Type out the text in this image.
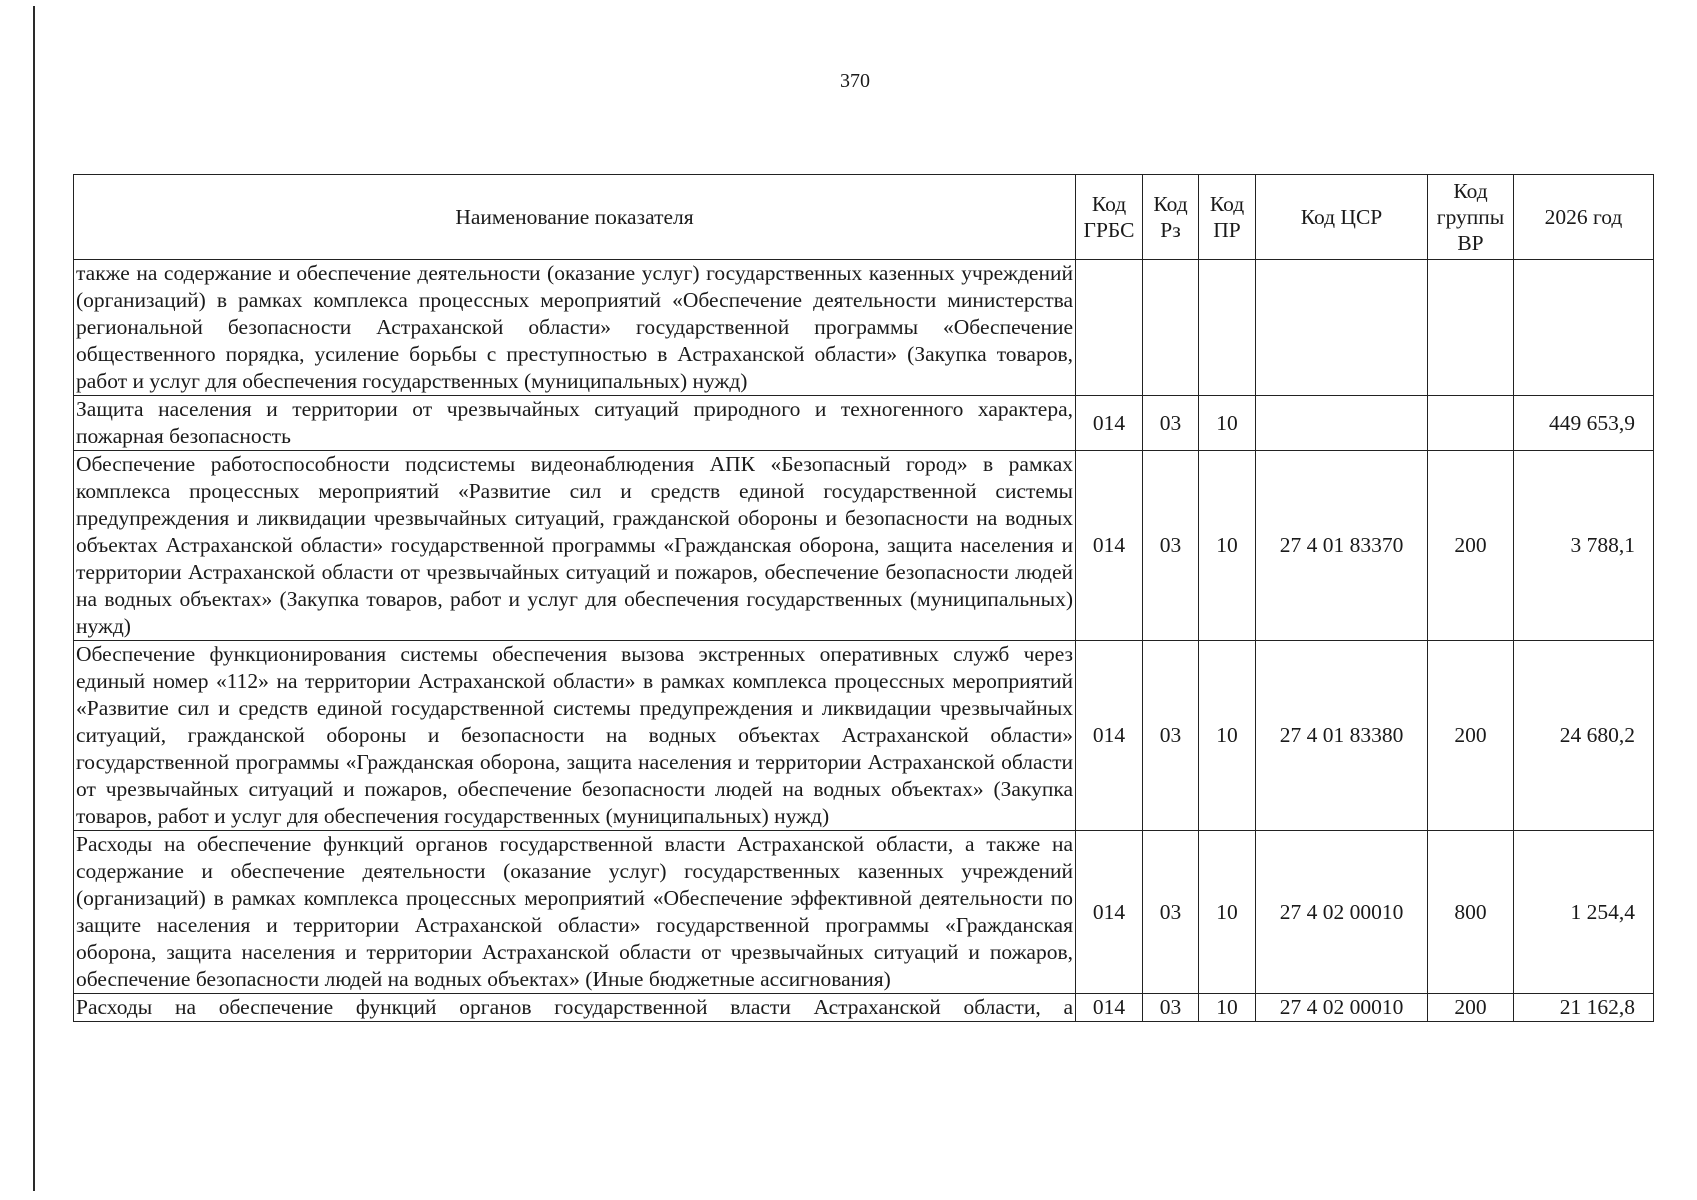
370
Наименование показателя	Код ГРБС	Код Рз	Код ПР	Код ЦСР	Код группы ВР	2026 год
также на содержание и обеспечение деятельности (оказание услуг) государственных казенных учреждений (организаций) в рамках комплекса процессных мероприятий «Обеспечение деятельности министерства региональной безопасности Астраханской области» государственной программы «Обеспечение общественного порядка, усиление борьбы с преступностью в Астраханской области» (Закупка товаров, работ и услуг для обеспечения государственных (муниципальных) нужд)						
Защита населения и территории от чрезвычайных ситуаций природного и техногенного характера, пожарная безопасность	014	03	10			449 653,9
Обеспечение работоспособности подсистемы видеонаблюдения АПК «Безопасный город» в рамках комплекса процессных мероприятий «Развитие сил и средств единой государственной системы предупреждения и ликвидации чрезвычайных ситуаций, гражданской обороны и безопасности на водных объектах Астраханской области» государственной программы «Гражданская оборона, защита населения и территории Астраханской области от чрезвычайных ситуаций и пожаров, обеспечение безопасности людей на водных объектах» (Закупка товаров, работ и услуг для обеспечения государственных (муниципальных) нужд)	014	03	10	27 4 01 83370	200	3 788,1
Обеспечение функционирования системы обеспечения вызова экстренных оперативных служб через единый номер «112» на территории Астраханской области» в рамках комплекса процессных мероприятий «Развитие сил и средств единой государственной системы предупреждения и ликвидации чрезвычайных ситуаций, гражданской обороны и безопасности на водных объектах Астраханской области» государственной программы «Гражданская оборона, защита населения и территории Астраханской области от чрезвычайных ситуаций и пожаров, обеспечение безопасности людей на водных объектах» (Закупка товаров, работ и услуг для обеспечения государственных (муниципальных) нужд)	014	03	10	27 4 01 83380	200	24 680,2
Расходы на обеспечение функций органов государственной власти Астраханской области, а также на содержание и обеспечение деятельности (оказание услуг) государственных казенных учреждений (организаций) в рамках комплекса процессных мероприятий «Обеспечение эффективной деятельности по защите населения и территории Астраханской области» государственной программы «Гражданская оборона, защита населения и территории Астраханской области от чрезвычайных ситуаций и пожаров, обеспечение безопасности людей на водных объектах» (Иные бюджетные ассигнования)	014	03	10	27 4 02 00010	800	1 254,4
Расходы на обеспечение функций органов государственной власти Астраханской области, а	014	03	10	27 4 02 00010	200	21 162,8
